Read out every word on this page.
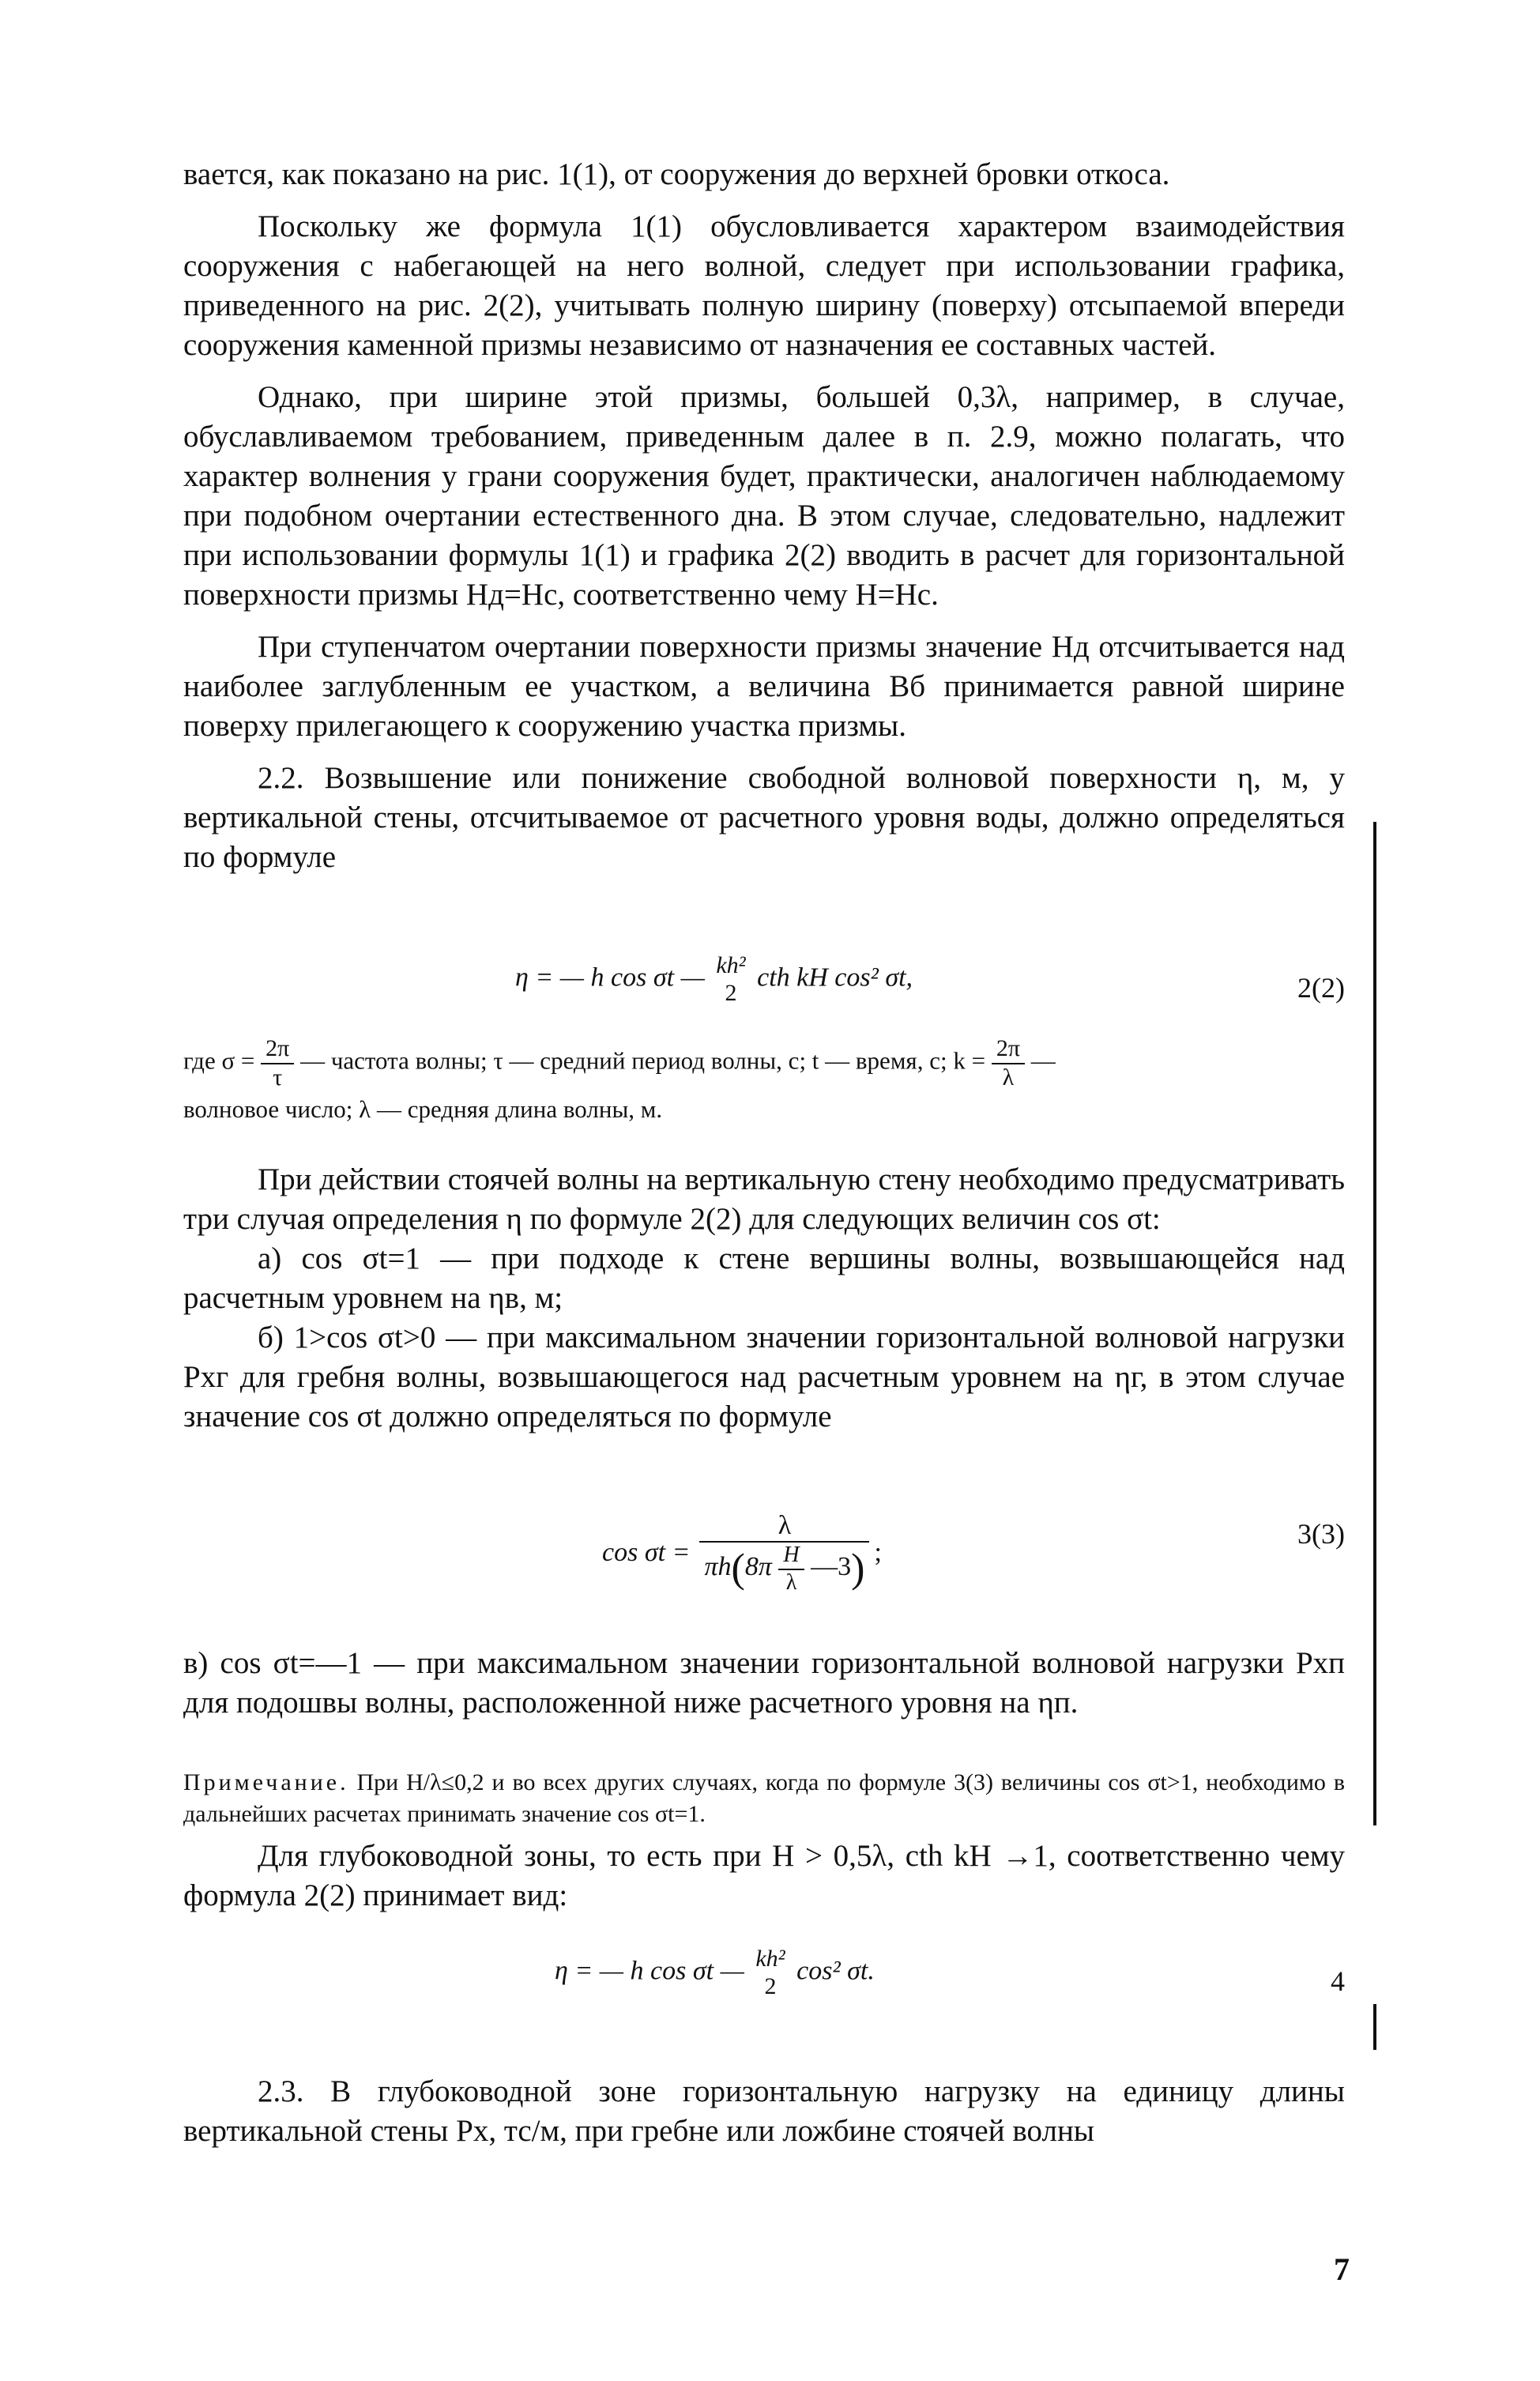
вается, как показано на рис. 1(1), от сооружения до верхней бровки откоса.

Поскольку же формула 1(1) обусловливается характером взаимодействия сооружения с набегающей на него волной, следует при использовании графика, приведенного на рис. 2(2), учитывать полную ширину (поверху) отсыпаемой впереди сооружения каменной призмы независимо от назначения ее составных частей.

Однако, при ширине этой призмы, большей 0,3λ, например, в случае, обуславливаемом требованием, приведенным далее в п. 2.9, можно полагать, что характер волнения у грани сооружения будет, практически, аналогичен наблюдаемому при подобном очертании естественного дна. В этом случае, следовательно, надлежит при использовании формулы 1(1) и графика 2(2) вводить в расчет для горизонтальной поверхности призмы Hд=Hс, соответственно чему H=Hс.

При ступенчатом очертании поверхности призмы значение Hд отсчитывается над наиболее заглубленным ее участком, а величина Bб принимается равной ширине поверху прилегающего к сооружению участка призмы.

2.2. Возвышение или понижение свободной волновой поверхности η, м, у вертикальной стены, отсчитываемое от расчетного уровня воды, должно определяться по формуле

η = — h cos σt — kh²
2
cth kH cos² σt,	2(2)
где $\sigma = \frac{2\pi}{\tau}$ — частота волны; τ — средний период волны, с; t — время, с; $k = \frac{2\pi}{\lambda}$ —

волновое число; λ — средняя длина волны, м.

При действии стоячей волны на вертикальную стену необходимо предусматривать три случая определения η по формуле 2(2) для следующих величин cos σt:

а) cos σt=1 — при подходе к стене вершины волны, возвышающейся над расчетным уровнем на ηв, м;

б) 1>cos σt>0 — при максимальном значении горизонтальной волновой нагрузки Pхг для гребня волны, возвышающегося над расчетным уровнем на ηг, в этом случае значение cos σt должно определяться по формуле

cos σt =
λ
$\pi h(8\pi \frac{H}{\lambda}$ —3) ;
3(3)

в) cos σt=—1 — при максимальном значении горизонтальной волновой нагрузки Pхп для подошвы волны, расположенной ниже расчетного уровня на ηп.

Примечание. При H/λ≤0,2 и во всех других случаях, когда по формуле 3(3) величины cos σt>1, необходимо в дальнейших расчетах принимать значение cos σt=1.

Для глубоководной зоны, то есть при H > 0,5λ, cth kH →1, соответственно чему формула 2(2) принимает вид:

η = — h cos σt — kh²
2
cos² σt.	4

2.3. В глубоководной зоне горизонтальную нагрузку на единицу длины вертикальной стены Pх, тс/м, при гребне или ложбине стоячей волны

7
